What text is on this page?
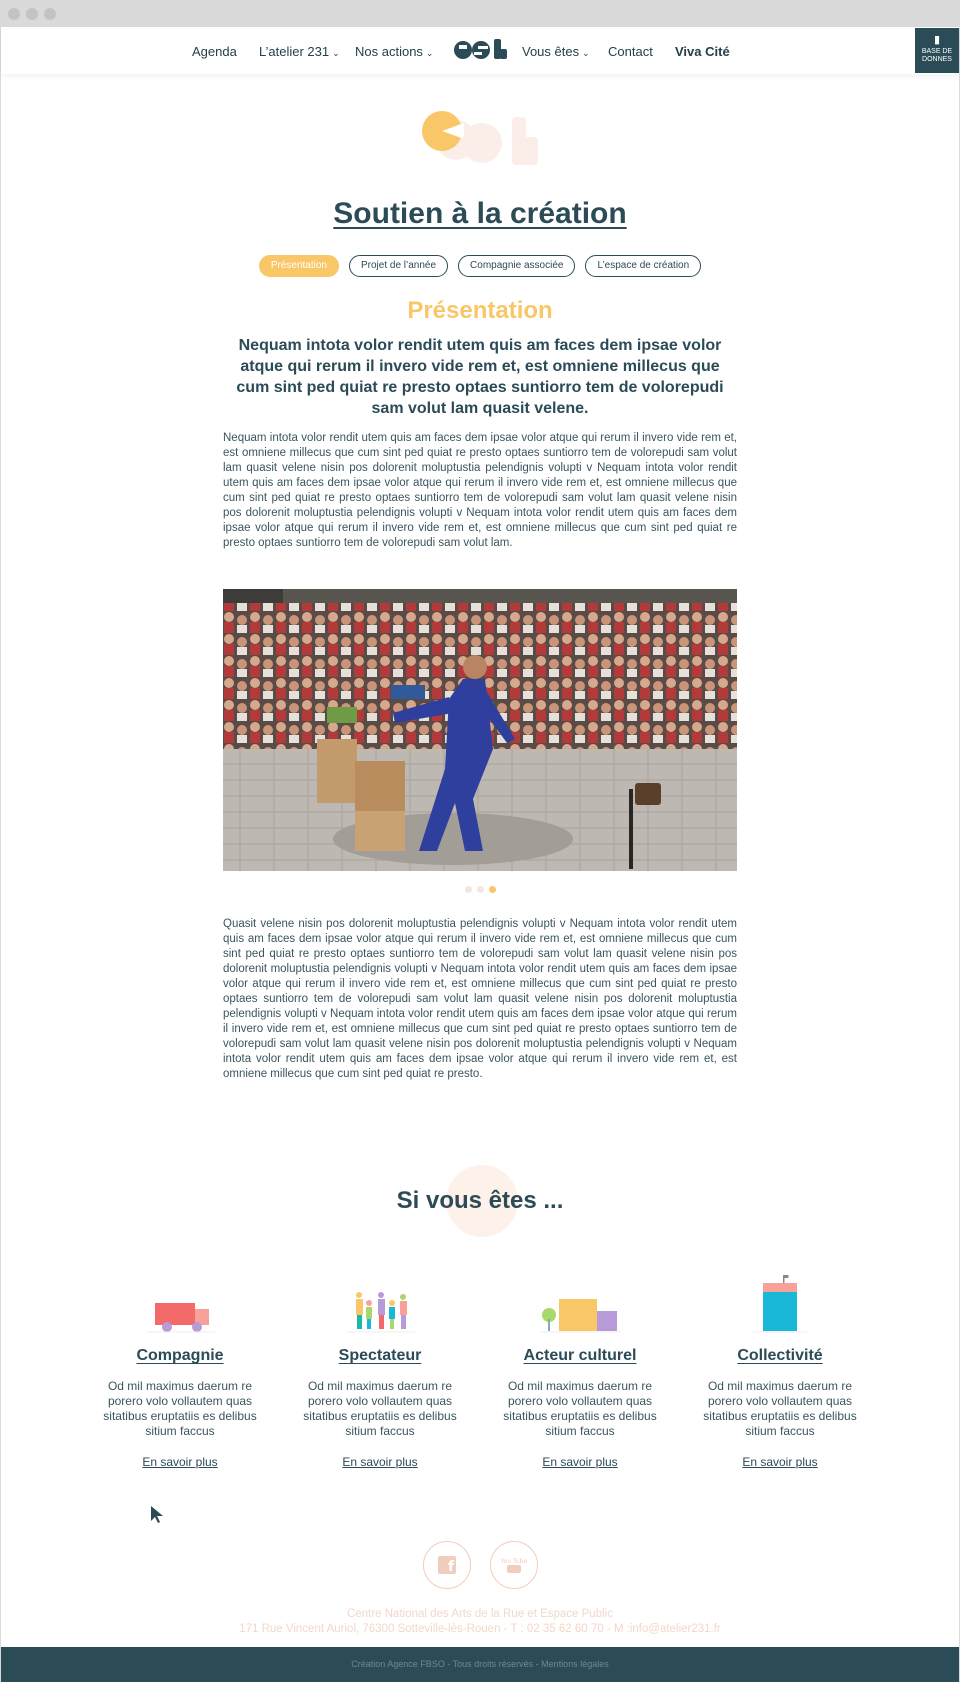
Agenda L’atelier 231 ⌄ Nos actions ⌄	Vous êtes ⌄ Contact Viva Cité
▮
BASE DE
DONNES
Soutien à la création
Présentation	Projet de l’année	Compagnie associée	L’espace de création
Présentation

Nequam intota volor rendit utem quis am faces dem ipsae volor atque qui rerum il invero vide rem et, est omniene millecus que cum sint ped quiat re presto optaes suntiorro tem de volorepudi sam volut lam quasit velene.

Nequam intota volor rendit utem quis am faces dem ipsae volor atque qui rerum il invero vide rem et, est omniene millecus que cum sint ped quiat re presto optaes suntiorro tem de volorepudi sam volut lam quasit velene nisin pos dolorenit moluptustia pelendignis volupti v Nequam intota volor rendit utem quis am faces dem ipsae volor atque qui rerum il invero vide rem et, est omniene millecus que cum sint ped quiat re presto optaes suntiorro tem de volorepudi sam volut lam quasit velene nisin pos dolorenit moluptustia pelendignis volupti v Nequam intota volor rendit utem quis am faces dem ipsae volor atque qui rerum il invero vide rem et, est omniene millecus que cum sint ped quiat re presto optaes suntiorro tem de volorepudi sam volut lam.

Quasit velene nisin pos dolorenit moluptustia pelendignis volupti v Nequam intota volor rendit utem quis am faces dem ipsae volor atque qui rerum il invero vide rem et, est omniene millecus que cum sint ped quiat re presto optaes suntiorro tem de volorepudi sam volut lam quasit velene nisin pos dolorenit moluptustia pelendignis volupti v Nequam intota volor rendit utem quis am faces dem ipsae volor atque qui rerum il invero vide rem et, est omniene millecus que cum sint ped quiat re presto optaes suntiorro tem de volorepudi sam volut lam quasit velene nisin pos dolorenit moluptustia pelendignis volupti v Nequam intota volor rendit utem quis am faces dem ipsae volor atque qui rerum il invero vide rem et, est omniene millecus que cum sint ped quiat re presto optaes suntiorro tem de volorepudi sam volut lam quasit velene nisin pos dolorenit moluptustia pelendignis volupti v Nequam intota volor rendit utem quis am faces dem ipsae volor atque qui rerum il invero vide rem et, est omniene millecus que cum sint ped quiat re presto.

Si vous êtes ...
Compagnie

Od mil maximus daerum re porero volo vollautem quas sitatibus eruptatiis es delibus sitium faccus

En savoir plus
Spectateur

Od mil maximus daerum re porero volo vollautem quas sitatibus eruptatiis es delibus sitium faccus

En savoir plus
Acteur culturel

Od mil maximus daerum re porero volo vollautem quas sitatibus eruptatiis es delibus sitium faccus

En savoir plus
Collectivité

Od mil maximus daerum re porero volo vollautem quas sitatibus eruptatiis es delibus sitium faccus

En savoir plus
f	You Tube
Centre National des Arts de la Rue et Espace Public
171 Rue Vincent Auriol, 76300 Sotteville-lès-Rouen - T : 02 35 62 60 70 - M :info@atelier231.fr
Création Agence FBSO - Tous droits réservés - Mentions légales
